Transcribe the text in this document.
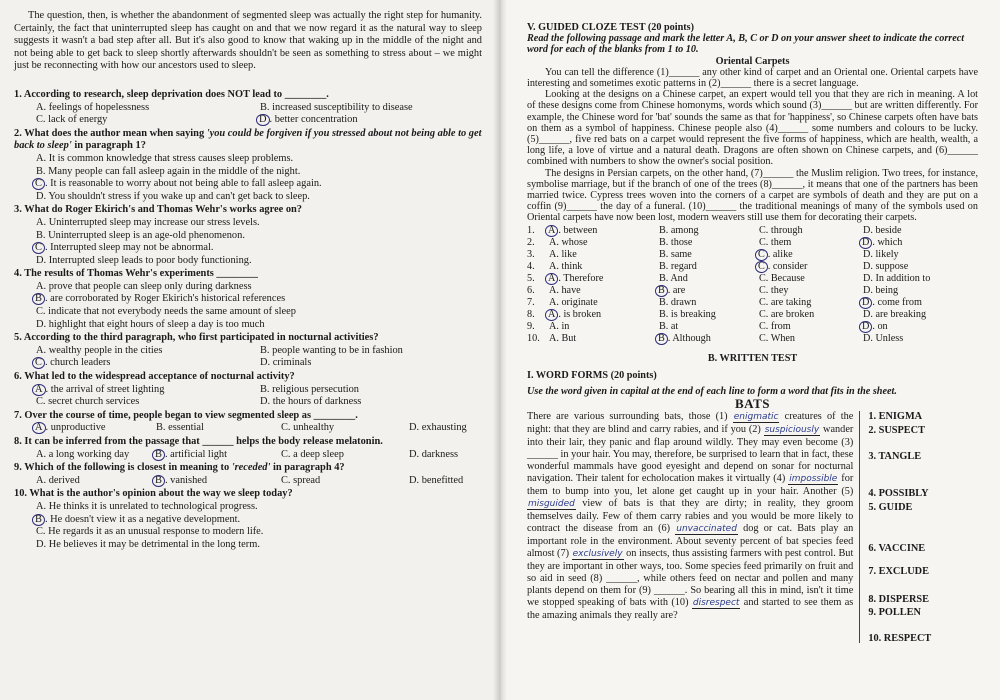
The question, then, is whether the abandonment of segmented sleep was actually the right step for humanity. Certainly, the fact that uninterrupted sleep has caught on and that we now regard it as the natural way to sleep suggests it wasn't a bad step after all. But it's also good to know that waking up in the middle of the night and not being able to get back to sleep shortly afterwards shouldn't be seen as something to stress about – we might just be reconnecting with how our ancestors used to sleep.

1. According to research, sleep deprivation does NOT lead to ________.
A. feelings of hopelessness	B. increased susceptibility to disease
C. lack of energy	D . better concentration
2. What does the author mean when saying 'you could be forgiven if you stressed about not being able to get back to sleep' in paragraph 1?
A. It is common knowledge that stress causes sleep problems.
B. Many people can fall asleep again in the middle of the night.
C . It is reasonable to worry about not being able to fall asleep again.
D. You shouldn't stress if you wake up and can't get back to sleep.
3. What do Roger Ekirich's and Thomas Wehr's works agree on?
A. Uninterrupted sleep may increase our stress levels.
B. Uninterrupted sleep is an age-old phenomenon.
C . Interrupted sleep may not be abnormal.
D. Interrupted sleep leads to poor body functioning.
4. The results of Thomas Wehr's experiments ________
A. prove that people can sleep only during darkness
B . are corroborated by Roger Ekirich's historical references
C. indicate that not everybody needs the same amount of sleep
D. highlight that eight hours of sleep a day is too much
5. According to the third paragraph, who first participated in nocturnal activities?
A. wealthy people in the cities	B. people wanting to be in fashion
C . church leaders	D. criminals
6. What led to the widespread acceptance of nocturnal activity?
A . the arrival of street lighting	B. religious persecution
C. secret church services	D. the hours of darkness
7. Over the course of time, people began to view segmented sleep as ________.
A . unproductive	B. essential	C. unhealthy	D. exhausting
8. It can be inferred from the passage that ______ helps the body release melatonin.
A. a long working day	B . artificial light	C. a deep sleep	D. darkness
9. Which of the following is closest in meaning to 'receded' in paragraph 4?
A. derived	B . vanished	C. spread	D. benefitted
10. What is the author's opinion about the way we sleep today?
A. He thinks it is unrelated to technological progress.
B . He doesn't view it as a negative development.
C. He regards it as an unusual response to modern life.
D. He believes it may be detrimental in the long term.
V. GUIDED CLOZE TEST (20 points)
Read the following passage and mark the letter A, B, C or D on your answer sheet to indicate the correct word for each of the blanks from 1 to 10.
Oriental Carpets

You can tell the difference (1)______ any other kind of carpet and an Oriental one. Oriental carpets have interesting and sometimes exotic patterns in (2)______ there is a secret language.

Looking at the designs on a Chinese carpet, an expert would tell you that they are rich in meaning. A lot of these designs come from Chinese homonyms, words which sound (3)______ but are written differently. For example, the Chinese word for 'bat' sounds the same as that for 'happiness', so Chinese carpets often have bats on them as a symbol of happiness. Chinese people also (4)______ some numbers and colours to be lucky. (5)______, five red bats on a carpet would represent the five forms of happiness, which are health, wealth, a long life, a love of virtue and a natural death. Dragons are often shown on Chinese carpets, and (6)______ combined with numbers to show the owner's social position.

The designs in Persian carpets, on the other hand, (7)______ the Muslim religion. Two trees, for instance, symbolise marriage, but if the branch of one of the trees (8)______, it means that one of the partners has been married twice. Cypress trees woven into the corners of a carpet are symbols of death and they are put on a coffin (9)______ the day of a funeral. (10)______ the traditional meanings of many of the symbols used on Oriental carpets have now been lost, modern weavers still use them for decorating their carpets.

1.	A . between	B. among	C. through	D. beside
2.	A. whose	B. those	C. them	D . which
3.	A. like	B. same	C . alike	D. likely
4.	A. think	B. regard	C . consider	D. suppose
5.	A . Therefore	B. And	C. Because	D. In addition to
6.	A. have	B . are	C. they	D. being
7.	A. originate	B. drawn	C. are taking	D . come from
8.	A . is broken	B. is breaking	C. are broken	D. are breaking
9.	A. in	B. at	C. from	D . on
10. A. But	B . Although	C. When	D. Unless
B. WRITTEN TEST
I. WORD FORMS (20 points)
Use the word given in capital at the end of each line to form a word that fits in the sheet.
BATS
There are various surrounding bats, those (1) enigmatic creatures of the night: that they are blind and carry rabies, and if you (2) suspiciously wander into their lair, they panic and flap around wildly. They may even become (3) ______ in your hair. You may, therefore, be surprised to learn that in fact, these wonderful mammals have good eyesight and depend on sonar for nocturnal navigation. Their talent for echolocation makes it virtually (4) impossible for them to bump into you, let alone get caught up in your hair. Another (5) misguided view of bats is that they are dirty; in reality, they groom themselves daily. Few of them carry rabies and you would be more likely to contract the disease from an (6) unvaccinated dog or cat. Bats play an important role in the environment. About seventy percent of bat species feed almost (7) exclusively on insects, thus assisting farmers with pest control. But they are important in other ways, too. Some species feed primarily on fruit and so aid in seed (8) ______, while others feed on nectar and pollen and many plants depend on them for (9) ______. So bearing all this in mind, isn't it time we stopped speaking of bats with (10) disrespect and started to see them as the amazing animals they really are?
1. ENIGMA
2. SUSPECT
3. TANGLE
4. POSSIBLY
5. GUIDE
6. VACCINE
7. EXCLUDE
8. DISPERSE
9. POLLEN
10. RESPECT
